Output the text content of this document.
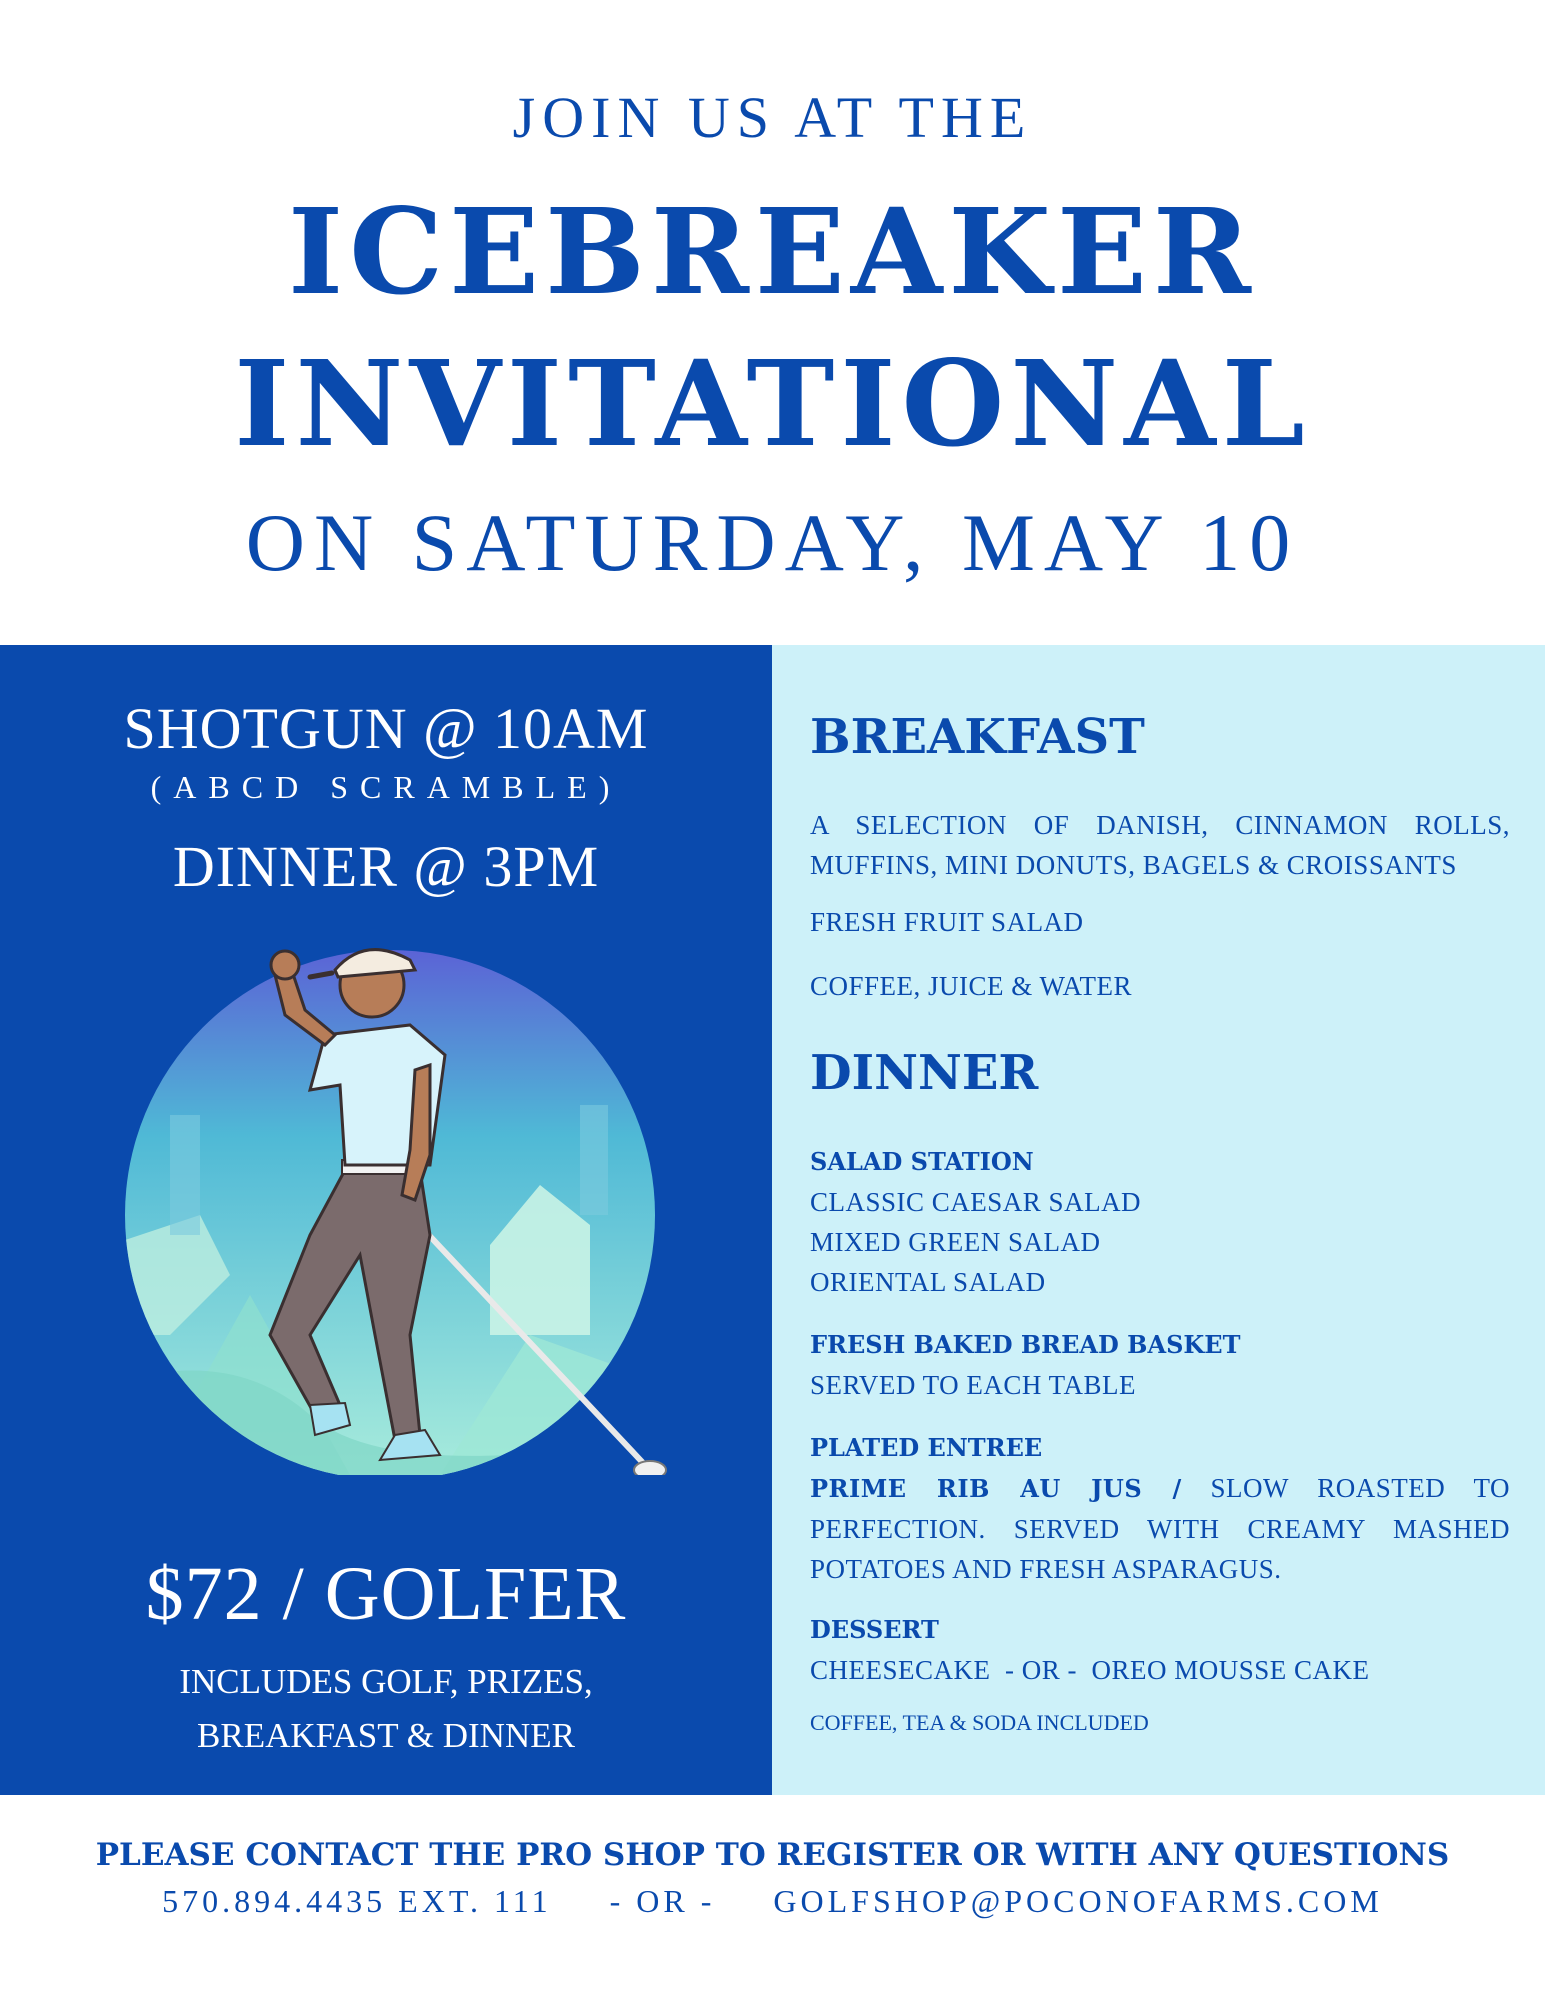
JOIN US AT THE
ICEBREAKER
INVITATIONAL
ON SATURDAY, MAY 10
SHOTGUN @ 10AM
(ABCD SCRAMBLE)
DINNER @ 3PM
$72 / GOLFER
INCLUDES GOLF, PRIZES,
BREAKFAST & DINNER
BREAKFAST
A SELECTION OF DANISH, CINNAMON ROLLS, MUFFINS, MINI DONUTS, BAGELS & CROISSANTS
FRESH FRUIT SALAD
COFFEE, JUICE & WATER
DINNER
SALAD STATION
CLASSIC CAESAR SALAD
MIXED GREEN SALAD
ORIENTAL SALAD
FRESH BAKED BREAD BASKET
SERVED TO EACH TABLE
PLATED ENTREE
PRIME RIB AU JUS / SLOW ROASTED TO PERFECTION. SERVED WITH CREAMY MASHED POTATOES AND FRESH ASPARAGUS.
DESSERT
CHEESECAKE  - OR -  OREO MOUSSE CAKE
COFFEE, TEA & SODA INCLUDED
PLEASE CONTACT THE PRO SHOP TO REGISTER OR WITH ANY QUESTIONS
570.894.4435 EXT. 111 - OR - GOLFSHOP@POCONOFARMS.COM
